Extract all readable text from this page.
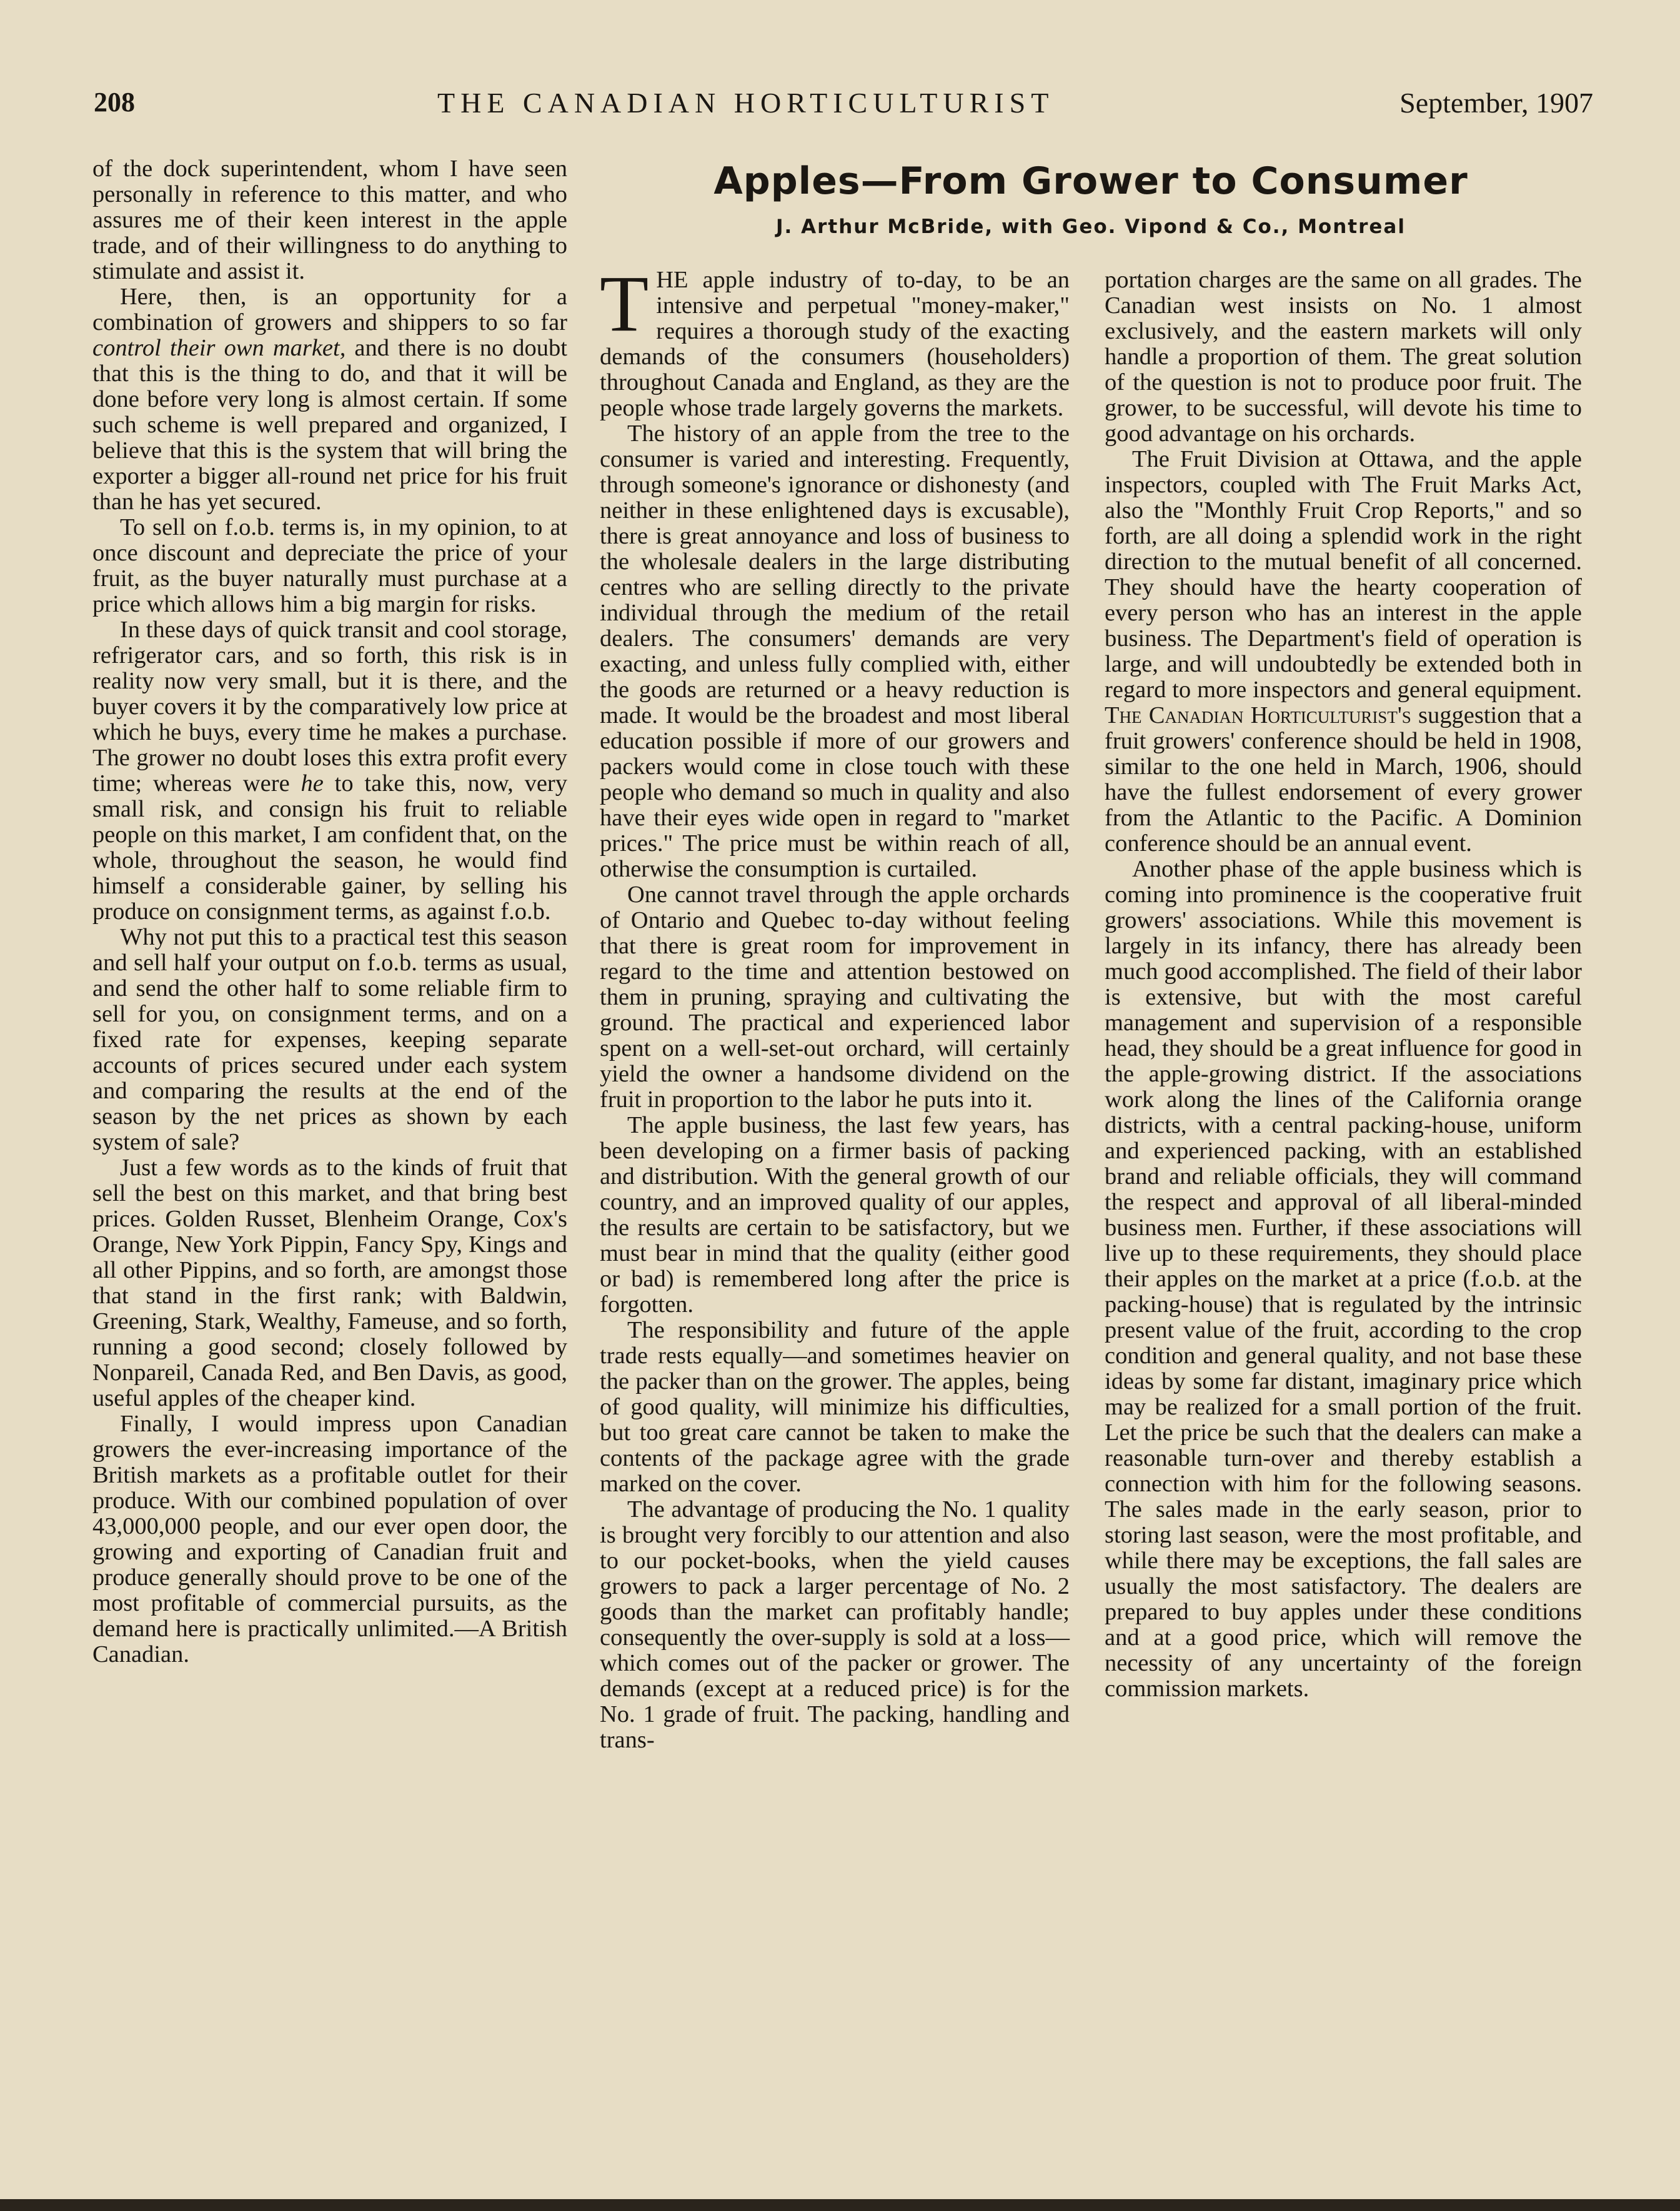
208	THE CANADIAN HORTICULTURIST	September, 1907

of the dock superintendent, whom I have seen personally in reference to this matter, and who assures me of their keen interest in the apple trade, and of their willingness to do anything to stimulate and assist it.

Here, then, is an opportunity for a combination of growers and shippers to so far control their own market, and there is no doubt that this is the thing to do, and that it will be done before very long is almost certain. If some such scheme is well prepared and organized, I believe that this is the system that will bring the exporter a bigger all-round net price for his fruit than he has yet secured.

To sell on f.o.b. terms is, in my opinion, to at once discount and depreciate the price of your fruit, as the buyer naturally must purchase at a price which allows him a big margin for risks.

In these days of quick transit and cool storage, refrigerator cars, and so forth, this risk is in reality now very small, but it is there, and the buyer covers it by the comparatively low price at which he buys, every time he makes a purchase. The grower no doubt loses this extra profit every time; whereas were he to take this, now, very small risk, and consign his fruit to reliable people on this market, I am confident that, on the whole, throughout the season, he would find himself a considerable gainer, by selling his produce on consignment terms, as against f.o.b.

Why not put this to a practical test this season and sell half your output on f.o.b. terms as usual, and send the other half to some reliable firm to sell for you, on consignment terms, and on a fixed rate for expenses, keeping separate accounts of prices secured under each system and comparing the results at the end of the season by the net prices as shown by each system of sale?

Just a few words as to the kinds of fruit that sell the best on this market, and that bring best prices. Golden Russet, Blenheim Orange, Cox's Orange, New York Pippin, Fancy Spy, Kings and all other Pippins, and so forth, are amongst those that stand in the first rank; with Baldwin, Greening, Stark, Wealthy, Fameuse, and so forth, running a good second; closely followed by Nonpareil, Canada Red, and Ben Davis, as good, useful apples of the cheaper kind.

Finally, I would impress upon Canadian growers the ever-increasing importance of the British markets as a profitable outlet for their produce. With our combined population of over 43,000,000 people, and our ever open door, the growing and exporting of Canadian fruit and produce generally should prove to be one of the most profitable of commercial pursuits, as the demand here is practically unlimited.—A British Canadian.

Apples—From Grower to Consumer
J. Arthur McBride, with Geo. Vipond & Co., Montreal

THE apple industry of to-day, to be an intensive and perpetual "money-maker," requires a thorough study of the exacting demands of the consumers (householders) throughout Canada and England, as they are the people whose trade largely governs the markets.

The history of an apple from the tree to the consumer is varied and interesting. Frequently, through someone's ignorance or dishonesty (and neither in these enlightened days is excusable), there is great annoyance and loss of business to the wholesale dealers in the large distributing centres who are selling directly to the private individual through the medium of the retail dealers. The consumers' demands are very exacting, and unless fully complied with, either the goods are returned or a heavy reduction is made. It would be the broadest and most liberal education possible if more of our growers and packers would come in close touch with these people who demand so much in quality and also have their eyes wide open in regard to "market prices." The price must be within reach of all, otherwise the consumption is curtailed.

One cannot travel through the apple orchards of Ontario and Quebec to-day without feeling that there is great room for improvement in regard to the time and attention bestowed on them in pruning, spraying and cultivating the ground. The practical and experienced labor spent on a well-set-out orchard, will certainly yield the owner a handsome dividend on the fruit in proportion to the labor he puts into it.

The apple business, the last few years, has been developing on a firmer basis of packing and distribution. With the general growth of our country, and an improved quality of our apples, the results are certain to be satisfactory, but we must bear in mind that the quality (either good or bad) is remembered long after the price is forgotten.

The responsibility and future of the apple trade rests equally—and sometimes heavier on the packer than on the grower. The apples, being of good quality, will minimize his difficulties, but too great care cannot be taken to make the contents of the package agree with the grade marked on the cover.

The advantage of producing the No. 1 quality is brought very forcibly to our attention and also to our pocket-books, when the yield causes growers to pack a larger percentage of No. 2 goods than the market can profitably handle; consequently the over-supply is sold at a loss—which comes out of the packer or grower. The demands (except at a reduced price) is for the No. 1 grade of fruit. The packing, handling and trans-

portation charges are the same on all grades. The Canadian west insists on No. 1 almost exclusively, and the eastern markets will only handle a proportion of them. The great solution of the question is not to produce poor fruit. The grower, to be successful, will devote his time to good advantage on his orchards.

The Fruit Division at Ottawa, and the apple inspectors, coupled with The Fruit Marks Act, also the "Monthly Fruit Crop Reports," and so forth, are all doing a splendid work in the right direction to the mutual benefit of all concerned. They should have the hearty cooperation of every person who has an interest in the apple business. The Department's field of operation is large, and will undoubtedly be extended both in regard to more inspectors and general equipment. The Canadian Horticulturist's suggestion that a fruit growers' conference should be held in 1908, similar to the one held in March, 1906, should have the fullest endorsement of every grower from the Atlantic to the Pacific. A Dominion conference should be an annual event.

Another phase of the apple business which is coming into prominence is the cooperative fruit growers' associations. While this movement is largely in its infancy, there has already been much good accomplished. The field of their labor is extensive, but with the most careful management and supervision of a responsible head, they should be a great influence for good in the apple-growing district. If the associations work along the lines of the California orange districts, with a central packing-house, uniform and experienced packing, with an established brand and reliable officials, they will command the respect and approval of all liberal-minded business men. Further, if these associations will live up to these requirements, they should place their apples on the market at a price (f.o.b. at the packing-house) that is regulated by the intrinsic present value of the fruit, according to the crop condition and general quality, and not base these ideas by some far distant, imaginary price which may be realized for a small portion of the fruit. Let the price be such that the dealers can make a reasonable turn-over and thereby establish a connection with him for the following seasons. The sales made in the early season, prior to storing last season, were the most profitable, and while there may be exceptions, the fall sales are usually the most satisfactory. The dealers are prepared to buy apples under these conditions and at a good price, which will remove the necessity of any uncertainty of the foreign commission markets.
